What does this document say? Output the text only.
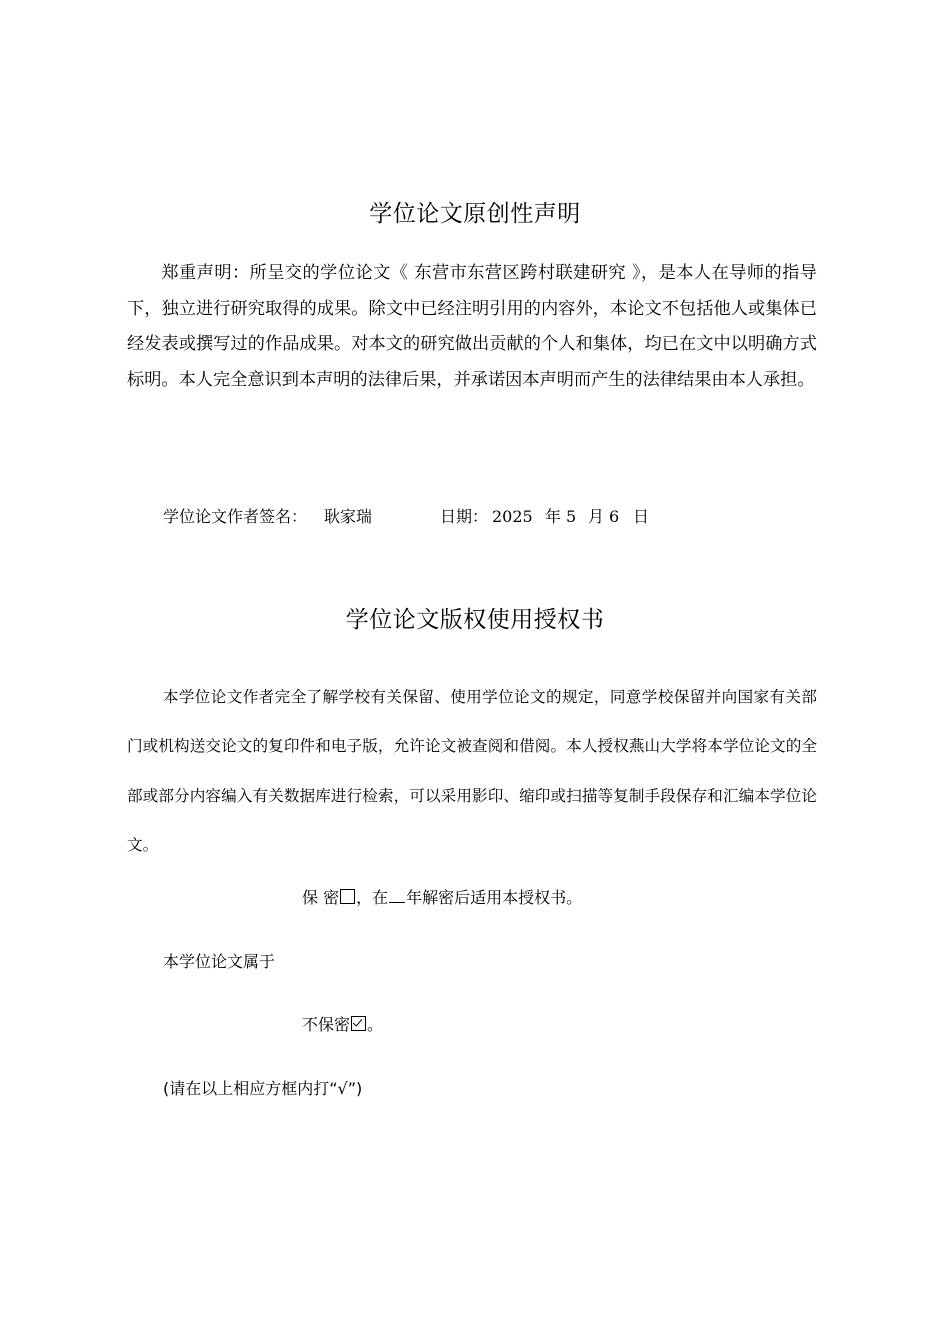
学位论文原创性声明
郑重声明：所呈交的学位论文《 东营市东营区跨村联建研究 》，是本人在导师的指导下，独立进行研究取得的成果。除文中已经注明引用的内容外，本论文不包括他人或集体已经发表或撰写过的作品成果。对本文的研究做出贡献的个人和集体，均已在文中以明确方式标明。本人完全意识到本声明的法律后果，并承诺因本声明而产生的法律结果由本人承担。
学位论文作者签名： 耿家瑞	日期： 2025 年 5 月 6 日
学位论文版权使用授权书
本学位论文作者完全了解学校有关保留、使用学位论文的规定，同意学校保留并向国家有关部门或机构送交论文的复印件和电子版，允许论文被查阅和借阅。本人授权燕山大学将本学位论文的全部或部分内容编入有关数据库进行检索，可以采用影印、缩印或扫描等复制手段保存和汇编本学位论文。
保 密 ，在 年解密后适用本授权书。
本学位论文属于
不保密 。
(请在以上相应方框内打“√”)
